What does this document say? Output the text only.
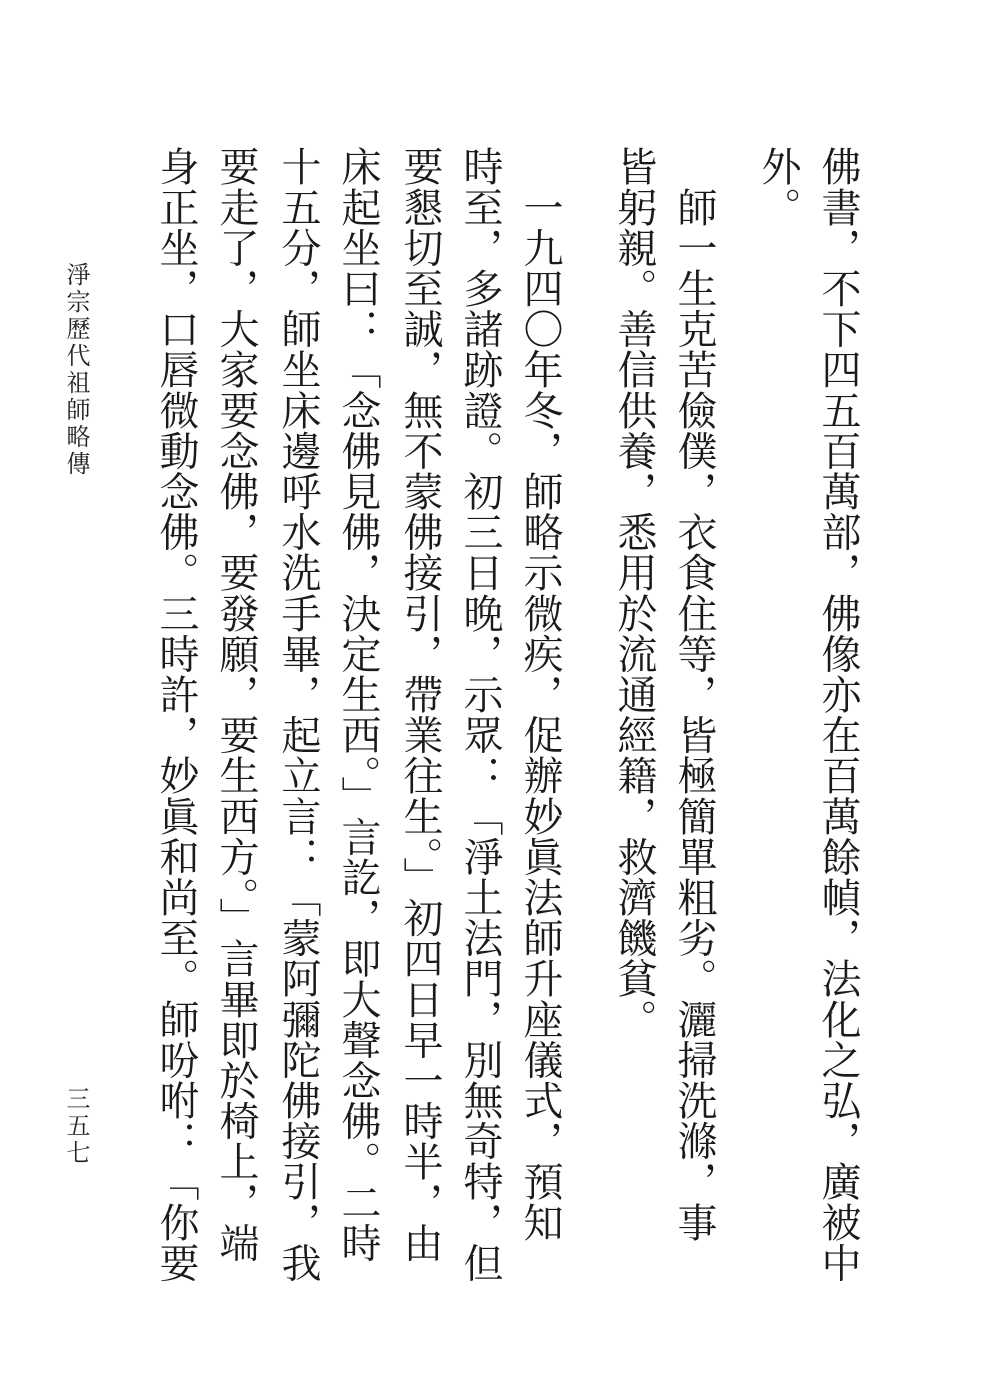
佛書，不下四五百萬部，佛像亦在百萬餘幀，法化之弘，廣被中
外。
　師一生克苦儉僕，衣食住等，皆極簡單粗劣。灑掃洗滌，事
皆躬親。善信供養，悉用於流通經籍，救濟饑貧。
　一九四〇年冬，師略示微疾，促辦妙眞法師升座儀式，預知
時至，多諸跡證。初三日晚，示眾：「淨土法門，別無奇特，但
要懇切至誠，無不蒙佛接引，帶業往生。」初四日早一時半，由
床起坐曰：「念佛見佛，決定生西。」言訖，即大聲念佛。二時
十五分，師坐床邊呼水洗手畢，起立言：「蒙阿彌陀佛接引，我
要走了，大家要念佛，要發願，要生西方。」言畢即於椅上，端
身正坐，口唇微動念佛。三時許，妙眞和尚至。師吩咐：「你要
淨宗歷代祖師略傳
三五七
